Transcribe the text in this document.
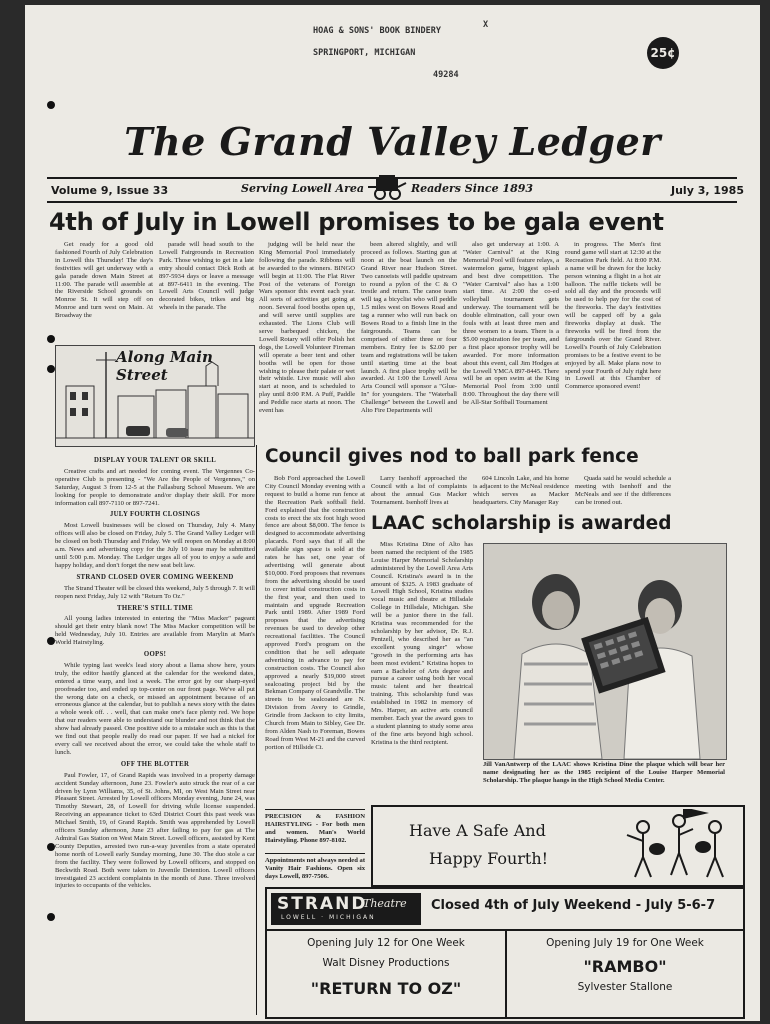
HOAG & SONS' BOOK BINDERY
X
SPRINGPORT, MICHIGAN
49284
25¢
The Grand Valley Ledger
Volume 9, Issue 33	Serving Lowell Area	Readers Since 1893	July 3, 1985
4th of July in Lowell promises to be gala event

Get ready for a good old fashioned Fourth of July Celebration in Lowell this Thursday! The day's festivities will get underway with a gala parade down Main Street at 11:00. The parade will assemble at the Riverside School grounds on Monroe St. It will step off on Monroe and turn west on Main. At Broadway the

parade will head south to the Lowell Fairgrounds in Recreation Park. Those wishing to get in a late entry should contact Dick Roth at 897-5934 days or leave a message at 897-6411 in the evening. The Lowell Arts Council will judge decorated bikes, trikes and big wheels in the parade. The

judging will be held near the King Memorial Pool immediately following the parade. Ribbons will be awarded to the winners. BINGO will begin at 11:00. The Flat River Post of the veterans of Foreign Wars sponsor this event each year. All sorts of activities get going at noon. Several food booths open up, and will serve until supplies are exhausted. The Lions Club will serve barbequed chicken, the Lowell Rotary will offer Polish hot dogs, the Lowell Volunteer Fireman will operate a beer tent and other booths will be open for those wishing to please their palate or wet their whistle. Live music will also start at noon, and is scheduled to play until 8:00 P.M. A Puff, Paddle and Peddle race starts at noon. The event has

been altered slightly, and will proceed as follows. Starting gun at noon at the boat launch on the Grand River near Hudson Street. Two canoeists will paddle upstream to round a pylon of the C & O trestle and return. The canoe team will tag a bicyclist who will peddle 1.5 miles west on Bowes Road and tag a runner who will run back on Bowes Road to a finish line in the fairgrounds. Teams can be comprised of either three or four members. Entry fee is $2.00 per team and registrations will be taken until starting time at the boat launch. A first place trophy will be awarded. At 1:00 the Lowell Area Arts Council will sponsor a "Glue-In" for youngsters. The "Waterball Challenge" between the Lowell and Alto Fire Departments will

also get underway at 1:00. A "Water Carnival" at the King Memorial Pool will feature relays, a watermelon game, biggest splash and best dive competition. The "Water Carnival" also has a 1:00 start time. At 2:00 the co-ed volleyball tournament gets underway. The tournament will be double elimination, call your own fouls with at least three men and three women to a team. There is a $5.00 registration fee per team, and a first place sponsor trophy will be awarded. For more information about this event, call Jim Hodges at the Lowell YMCA 897-8445. There will be an open swim at the King Memorial Pool from 3:00 until 8:00. Throughout the day there will be All-Star Softball Tournament

in progress. The Men's first round game will start at 12:30 at the Recreation Park field. At 8:00 P.M. a name will be drawn for the lucky person winning a flight in a hot air balloon. The raffle tickets will be sold all day and the proceeds will be used to help pay for the cost of the fireworks. The day's festivities will be capped off by a gala fireworks display at dusk. The fireworks will be fired from the fairgrounds over the Grand River. Lowell's Fourth of July Celebration promises to be a festive event to be enjoyed by all. Make plans now to spend your Fourth of July right here in Lowell at this Chamber of Commerce sponsored event!

Along Main Street
DISPLAY YOUR TALENT OR SKILL

Creative crafts and art needed for coming event. The Vergennes Co-operative Club is presenting - "We Are the People of Vergennes," on Saturday, August 3 from 12-5 at the Fallasburg School Museum. We are looking for people to demonstrate and/or display their skill. For more information call 897-7110 or 897-7241.

JULY FOURTH CLOSINGS

Most Lowell businesses will be closed on Thursday, July 4. Many offices will also be closed on Friday, July 5. The Grand Valley Ledger will be closed on both Thursday and Friday. We will reopen on Monday at 8:00 a.m. News and advertising copy for the July 10 issue may be submitted until 5:00 p.m. Monday. The Ledger urges all of you to enjoy a safe and happy holiday, and don't forget the new seat belt law.

STRAND CLOSED OVER COMING WEEKEND

The Strand Theater will be closed this weekend, July 5 through 7. It will reopen next Friday, July 12 with "Return To Oz."

THERE'S STILL TIME

All young ladies interested in entering the "Miss Macker" pageant should get their entry blank now! The Miss Macker competition will be held Wednesday, July 10. Entries are available from Marylin at Man's World Hairstyling.

OOPS!

While typing last week's lead story about a llama show here, yours truly, the editor hastily glanced at the calendar for the weekend dates, entered a time warp, and lost a week. The error got by our sharp-eyed proofreader too, and ended up top-center on our front page. We've all put the wrong date on a check, or missed an appointment because of an erroneous glance at the calendar, but to publish a news story with the dates a whole week off. . . well, that can make one's face plenty red. We hope that our readers were able to understand our blunder and not think that the show had already passed. One positive side to a mistake such as this is that we find out that people really do read our paper. If we had a nickel for every call we received about the error, we could take the whole staff to lunch.

OFF THE BLOTTER

Paul Fowler, 17, of Grand Rapids was involved in a property damage accident Sunday afternoon, June 23. Fowler's auto struck the rear of a car driven by Lynn Williams, 35, of St. Johns, MI, on West Main Street near Pleasant Street. Arrested by Lowell officers Monday evening, June 24, was Timothy Stewart, 28, of Lowell for driving while license suspended. Receiving an appearance ticket to 63rd District Court this past week was Michael Smith, 19, of Grand Rapids. Smith was apprehended by Lowell officers Sunday afternoon, June 23 after failing to pay for gas at The Admiral Gas Station on West Main Street. Lowell officers, assisted by Kent County Deputies, arrested two run-a-way juveniles from a state operated home north of Lowell early Sunday morning, June 30. The duo stole a car from the facility. They were followed by Lowell officers, and stopped on Beckwith Road. Both were taken to Juvenile Detention. Lowell officers investigated 23 accident complaints in the month of June. Three involved injuries to occupants of the vehicles.

Council gives nod to ball park fence

Bob Ford approached the Lowell City Council Monday evening with a request to build a home run fence at the Recreation Park softball field. Ford explained that the construction costs to erect the six foot high wood fence are about $8,000. The fence is designed to accommodate advertising placards. Ford says that if all the available sign space is sold at the rates he has set, one year of advertising will generate about $10,000. Ford proposes that revenues from the advertising should be used to cover initial construction costs in the first year, and then used to maintain and upgrade Recreation Park until 1989. After 1989 Ford proposes that the advertising revenues be used to develop other recreational facilities. The Council approved Ford's program on the condition that he sell adequate advertising in advance to pay for construction costs. The Council also approved a nearly $19,000 street sealcoating project bid by the Bekman Company of Grandville. The streets to be sealcoated are N. Division from Avery to Grindle, Grindle from Jackson to city limits, Church from Main to Sibley, Gee Dr. from Alden Nash to Foreman, Bowes Road from West M-21 and the curved portion of Hillside Ct.

Larry Isenhoff approached the Council with a list of complaints about the annual Gus Macker Tournament. Isenhoff lives at

604 Lincoln Lake, and his home is adjacent to the McNeal residence which serves as Macker headquarters. City Manager Ray

Quada said he would schedule a meeting with Isenhoff and the McNeals and see if the differences can be ironed out.

PRECISION & FASHION HAIRSTYLING - For both men and women. Man's World Hairstyling. Phone 897-8102.

Appointments not always needed at Vanity Hair Fashions. Open six days Lowell, 897-7506.

LAAC scholarship is awarded

Miss Kristina Dine of Alto has been named the recipient of the 1985 Louise Harper Memorial Scholarship administered by the Lowell Area Arts Council. Kristina's award is in the amount of $325. A 1983 graduate of Lowell High School, Kristina studies vocal music and theatre at Hillsdale College in Hillsdale, Michigan. She will be a junior there in the fall. Kristina was recommended for the scholarship by her advisor, Dr. R.J. Pentzell, who described her as "an excellent young singer" whose "growth in the performing arts has been most evident." Kristina hopes to earn a Bachelor of Arts degree and pursue a career using both her vocal music talent and her theatrical training. This scholarship fund was established in 1982 in memory of Mrs. Harper, an active arts council member. Each year the award goes to a student planning to study some area of the fine arts beyond high school. Kristina is the third recipient.

Jill VanAntwerp of the LAAC shows Kristina Dine the plaque which will bear her name designating her as the 1985 recipient of the Louise Harper Memorial Scholarship. The plaque hangs in the High School Media Center.

Have A Safe And
Happy Fourth!
STRAND
Theatre
LOWELL · MICHIGAN
Closed 4th of July Weekend - July 5-6-7
Opening July 12 for One Week
Walt Disney Productions
"RETURN TO OZ"
Opening July 19 for One Week
"RAMBO"
Sylvester Stallone
